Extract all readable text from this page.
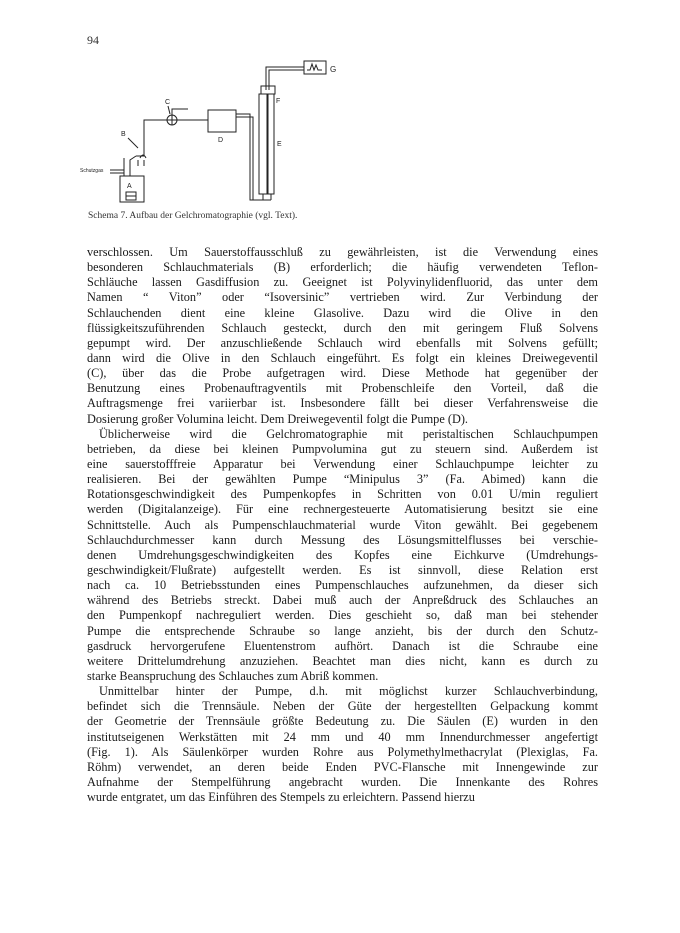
94
G
F
E
D
C
B
A
Schutzgas
Schema 7. Aufbau der Gelchromatographie (vgl. Text).
verschlossen. Um Sauerstoffausschluß zu gewährleisten, ist die Verwendung eines
besonderen Schlauchmaterials (B) erforderlich; die häufig verwendeten Teflon-
Schläuche lassen Gasdiffusion zu. Geeignet ist Polyvinylidenfluorid, das unter dem
Namen “ Viton” oder “Isoversinic” vertrieben wird. Zur Verbindung der
Schlauchenden dient eine kleine Glasolive. Dazu wird die Olive in den
flüssigkeitszuführenden Schlauch gesteckt, durch den mit geringem Fluß Solvens
gepumpt wird. Der anzuschließende Schlauch wird ebenfalls mit Solvens gefüllt;
dann wird die Olive in den Schlauch eingeführt. Es folgt ein kleines Dreiwegeventil
(C), über das die Probe aufgetragen wird. Diese Methode hat gegenüber der
Benutzung eines Probenauftragventils mit Probenschleife den Vorteil, daß die
Auftragsmenge frei variierbar ist. Insbesondere fällt bei dieser Verfahrensweise die
Dosierung großer Volumina leicht. Dem Dreiwegeventil folgt die Pumpe (D).
Üblicherweise wird die Gelchromatographie mit peristaltischen Schlauchpumpen
betrieben, da diese bei kleinen Pumpvolumina gut zu steuern sind. Außerdem ist
eine sauerstofffreie Apparatur bei Verwendung einer Schlauchpumpe leichter zu
realisieren. Bei der gewählten Pumpe “Minipulus 3” (Fa. Abimed) kann die
Rotationsgeschwindigkeit des Pumpenkopfes in Schritten von 0.01 U/min reguliert
werden (Digitalanzeige). Für eine rechnergesteuerte Automatisierung besitzt sie eine
Schnittstelle. Auch als Pumpenschlauchmaterial wurde Viton gewählt. Bei gegebenem
Schlauchdurchmesser kann durch Messung des Lösungsmittelflusses bei verschie-
denen Umdrehungsgeschwindigkeiten des Kopfes eine Eichkurve (Umdrehungs-
geschwindigkeit/Flußrate) aufgestellt werden. Es ist sinnvoll, diese Relation erst
nach ca. 10 Betriebsstunden eines Pumpenschlauches aufzunehmen, da dieser sich
während des Betriebs streckt. Dabei muß auch der Anpreßdruck des Schlauches an
den Pumpenkopf nachreguliert werden. Dies geschieht so, daß man bei stehender
Pumpe die entsprechende Schraube so lange anzieht, bis der durch den Schutz-
gasdruck hervorgerufene Eluentenstrom aufhört. Danach ist die Schraube eine
weitere Drittelumdrehung anzuziehen. Beachtet man dies nicht, kann es durch zu
starke Beanspruchung des Schlauches zum Abriß kommen.
Unmittelbar hinter der Pumpe, d.h. mit möglichst kurzer Schlauchverbindung,
befindet sich die Trennsäule. Neben der Güte der hergestellten Gelpackung kommt
der Geometrie der Trennsäule größte Bedeutung zu. Die Säulen (E) wurden in den
institutseigenen Werkstätten mit 24 mm und 40 mm Innendurchmesser angefertigt
(Fig. 1). Als Säulenkörper wurden Rohre aus Polymethylmethacrylat (Plexiglas, Fa.
Röhm) verwendet, an deren beide Enden PVC-Flansche mit Innengewinde zur
Aufnahme der Stempelführung angebracht wurden. Die Innenkante des Rohres
wurde entgratet, um das Einführen des Stempels zu erleichtern. Passend hierzu
